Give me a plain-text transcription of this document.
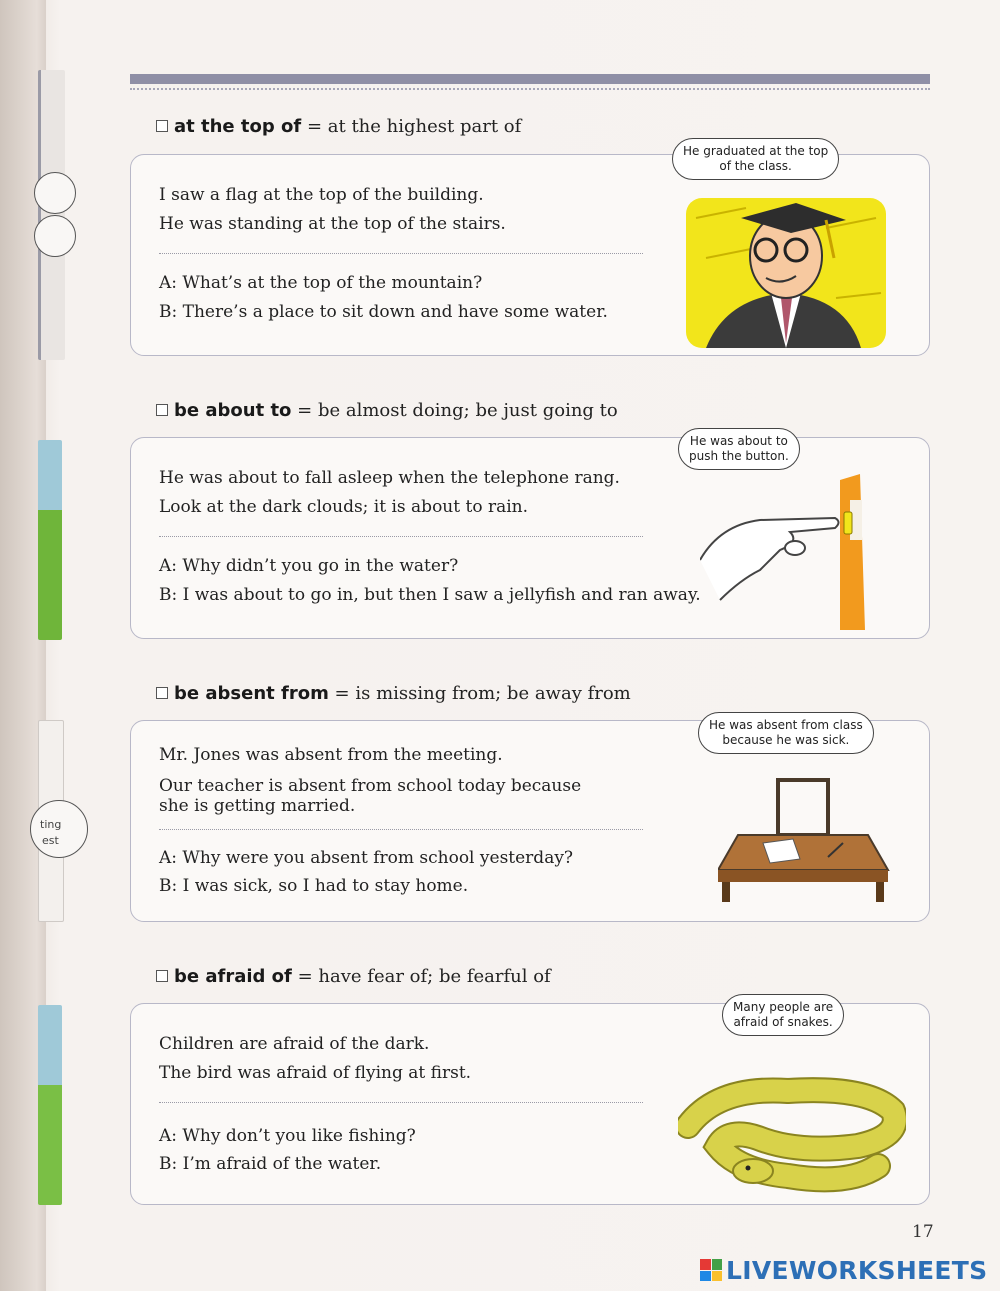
ting
est
at the top of = at the highest part of
I saw a flag at the top of the building.
He was standing at the top of the stairs.
A: What’s at the top of the mountain?
B: There’s a place to sit down and have some water.
He graduated at the top
of the class.
be about to = be almost doing; be just going to
He was about to fall asleep when the telephone rang.
Look at the dark clouds; it is about to rain.
A: Why didn’t you go in the water?
B: I was about to go in, but then I saw a jellyfish and ran away.
He was about to
push the button.
be absent from = is missing from; be away from
Mr. Jones was absent from the meeting.
Our teacher is absent from school today because
she is getting married.
A: Why were you absent from school yesterday?
B: I was sick, so I had to stay home.
He was absent from class
because he was sick.
be afraid of = have fear of; be fearful of
Children are afraid of the dark.
The bird was afraid of flying at first.
A: Why don’t you like fishing?
B: I’m afraid of the water.
Many people are
afraid of snakes.
17
LIVEWORKSHEETS
